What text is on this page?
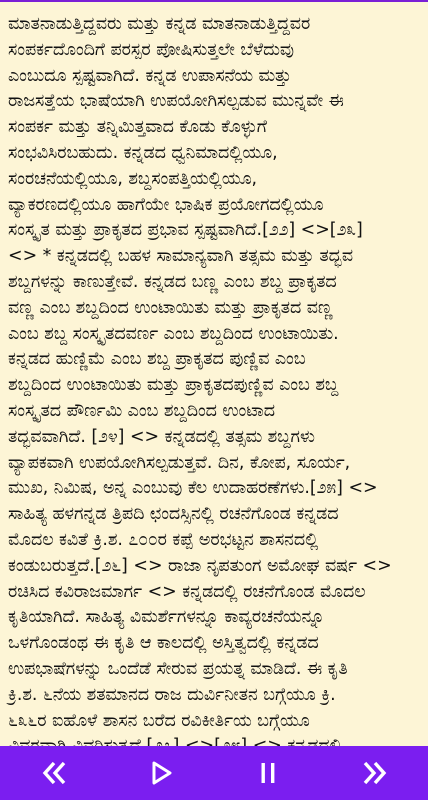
ಮಾತನಾಡುತ್ತಿದ್ದವರು ಮತ್ತು ಕನ್ನಡ ಮಾತನಾಡುತ್ತಿದ್ದವರ
ಸಂಪರ್ಕದೊಂದಿಗೆ ಪರಸ್ಪರ ಪೋಷಿಸುತ್ತಲೇ ಬೆಳೆದುವು
ಎಂಬುದೂ ಸ್ಪಷ್ಟವಾಗಿದೆ. ಕನ್ನಡ ಉಪಾಸನೆಯ ಮತ್ತು
ರಾಜಸತ್ತೆಯ ಭಾಷೆಯಾಗಿ ಉಪಯೋಗಿಸಲ್ಪಡುವ ಮುನ್ನವೇ ಈ
ಸಂಪರ್ಕ ಮತ್ತು ತನ್ನಿಮಿತ್ತವಾದ ಕೊಡು ಕೊಳ್ಳುಗೆ
ಸಂಭವಿಸಿರಬಹುದು. ಕನ್ನಡದ ಧ್ವನಿಮಾದಲ್ಲಿಯೂ,
ಸಂರಚನೆಯಲ್ಲಿಯೂ, ಶಬ್ದಸಂಪತ್ತಿಯಲ್ಲಿಯೂ,
ವ್ಯಾಕರಣದಲ್ಲಿಯೂ ಹಾಗೆಯೇ ಭಾಷಿಕ ಪ್ರಯೋಗದಲ್ಲಿಯೂ
ಸಂಸ್ಕೃತ ಮತ್ತು ಪ್ರಾಕೃತದ ಪ್ರಭಾವ ಸ್ಪಷ್ಟವಾಗಿದೆ.[೨೨] <>[೨೩]
<> * ಕನ್ನಡದಲ್ಲಿ ಬಹಳ ಸಾಮಾನ್ಯವಾಗಿ ತತ್ಸಮ ಮತ್ತು ತದ್ಭವ
ಶಬ್ದಗಳನ್ನು ಕಾಣುತ್ತೇವೆ. ಕನ್ನಡದ ಬಣ್ಣ ಎಂಬ ಶಬ್ದ ಪ್ರಾಕೃತದ
ವಣ್ಣ ಎಂಬ ಶಬ್ದದಿಂದ ಉಂಟಾಯಿತು ಮತ್ತು ಪ್ರಾಕೃತದ ವಣ್ಣ
ಎಂಬ ಶಬ್ದ ಸಂಸ್ಕೃತದವರ್ಣ ಎಂಬ ಶಬ್ದದಿಂದ ಉಂಟಾಯಿತು.
ಕನ್ನಡದ ಹುಣ್ಣಿಮೆ ಎಂಬ ಶಬ್ದ ಪ್ರಾಕೃತದ ಪುಣ್ಣಿವ ಎಂಬ
ಶಬ್ದದಿಂದ ಉಂಟಾಯಿತು ಮತ್ತು ಪ್ರಾಕೃತದಪುಣ್ಣಿವ ಎಂಬ ಶಬ್ದ
ಸಂಸ್ಕೃತದ ಪೌರ್ಣಮಿ ಎಂಬ ಶಬ್ದದಿಂದ ಉಂಟಾದ
ತದ್ಭವವಾಗಿದೆ. [೨೪] <> ಕನ್ನಡದಲ್ಲಿ ತತ್ಸಮ ಶಬ್ದಗಳು
ವ್ಯಾಪಕವಾಗಿ ಉಪಯೋಗಿಸಲ್ಪಡುತ್ತವೆ. ದಿನ, ಕೋಪ, ಸೂರ್ಯ,
ಮುಖ, ನಿಮಿಷ, ಅನ್ನ ಎಂಬುವು ಕೆಲ ಉದಾಹರಣೆಗಳು.[೨೫] <>
ಸಾಹಿತ್ಯ ಹಳಗನ್ನಡ ತ್ರಿಪದಿ ಛಂದಸ್ಸಿನಲ್ಲಿ ರಚನೆಗೊಂಡ ಕನ್ನಡದ
ಮೊದಲ ಕವಿತೆ ಕ್ರಿ.ಶ. ೭೦೦ರ ಕಪ್ಪೆ ಅರಭಟ್ಟನ ಶಾಸನದಲ್ಲಿ
ಕಂಡುಬರುತ್ತದೆ.[೨೬] <> ರಾಜಾ ನೃಪತುಂಗ ಅಮೋಘ ವರ್ಷ <>
ರಚಿಸಿದ ಕವಿರಾಜಮಾರ್ಗ <> ಕನ್ನಡದಲ್ಲಿ ರಚನೆಗೊಂಡ ಮೊದಲ
ಕೃತಿಯಾಗಿದೆ. ಸಾಹಿತ್ಯ ವಿಮರ್ಶೆಗಳನ್ನೂ ಕಾವ್ಯರಚನೆಯನ್ನೂ
ಒಳಗೊಂಡಂಥ ಈ ಕೃತಿ ಆ ಕಾಲದಲ್ಲಿ ಅಸ್ತಿತ್ವದಲ್ಲಿ ಕನ್ನಡದ
ಉಪಭಾಷೆಗಳನ್ನು ಒಂದೆಡೆ ಸೇರುವ ಪ್ರಯತ್ನ ಮಾಡಿದೆ. ಈ ಕೃತಿ
ಕ್ರಿ.ಶ. ೬ನೆಯ ಶತಮಾನದ ರಾಜ ದುರ್ವಿನೀತನ ಬಗ್ಗೆಯೂ ಕ್ರಿ.
೬೩೬ರ ಐಹೊಳೆ ಶಾಸನ ಬರೆದ ರವಿಕೀರ್ತಿಯ ಬಗ್ಗೆಯೂ
